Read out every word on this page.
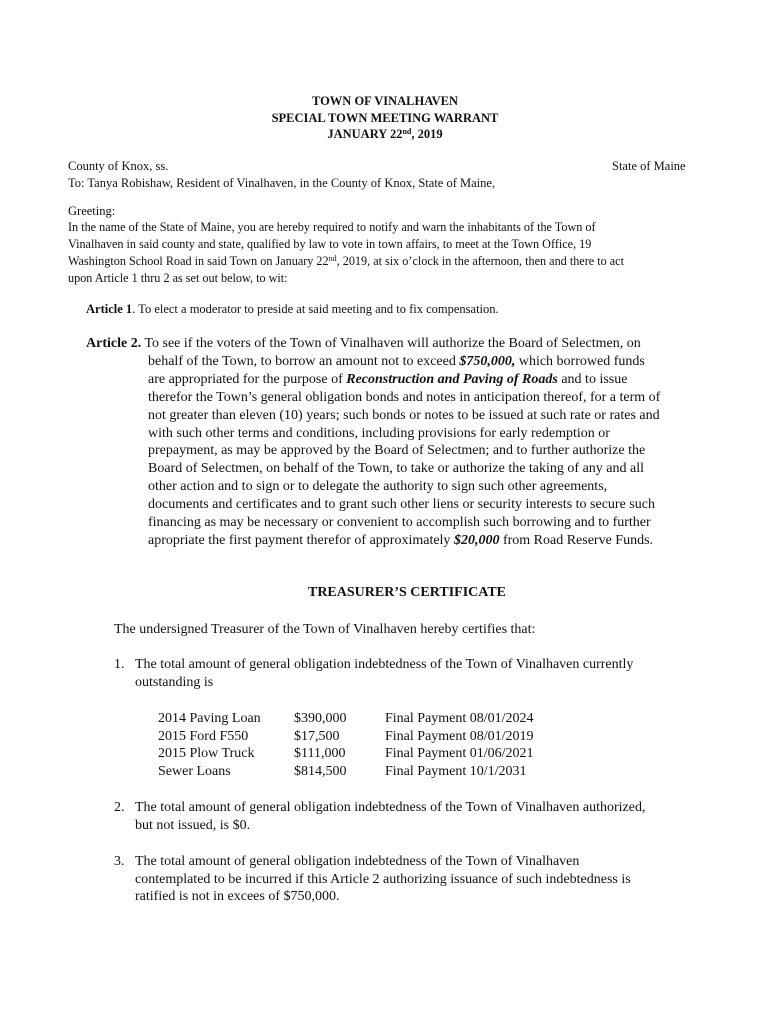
TOWN OF VINALHAVEN
SPECIAL TOWN MEETING WARRANT
JANUARY 22nd, 2019
County of Knox, ss.	State of Maine
To: Tanya Robishaw, Resident of Vinalhaven, in the County of Knox, State of Maine,
Greeting:
In the name of the State of Maine, you are hereby required to notify and warn the inhabitants of the Town of
Vinalhaven in said county and state, qualified by law to vote in town affairs, to meet at the Town Office, 19
Washington School Road in said Town on January 22nd, 2019, at six o’clock in the afternoon, then and there to act
upon Article 1 thru 2 as set out below, to wit:
Article 1. To elect a moderator to preside at said meeting and to fix compensation.
Article 2. To see if the voters of the Town of Vinalhaven will authorize the Board of Selectmen, on
behalf of the Town, to borrow an amount not to exceed $750,000, which borrowed funds
are appropriated for the purpose of Reconstruction and Paving of Roads and to issue
therefor the Town’s general obligation bonds and notes in anticipation thereof, for a term of
not greater than eleven (10) years; such bonds or notes to be issued at such rate or rates and
with such other terms and conditions, including provisions for early redemption or
prepayment, as may be approved by the Board of Selectmen; and to further authorize the
Board of Selectmen, on behalf of the Town, to take or authorize the taking of any and all
other action and to sign or to delegate the authority to sign such other agreements,
documents and certificates and to grant such other liens or security interests to secure such
financing as may be necessary or convenient to accomplish such borrowing and to further
apropriate the first payment therefor of approximately $20,000 from Road Reserve Funds.
TREASURER’S CERTIFICATE
The undersigned Treasurer of the Town of Vinalhaven hereby certifies that:
1. The total amount of general obligation indebtedness of the Town of Vinalhaven currently
outstanding is
2014 Paving Loan	$390,000	Final Payment 08/01/2024
2015 Ford F550	$17,500	Final Payment 08/01/2019
2015 Plow Truck	$111,000	Final Payment 01/06/2021
Sewer Loans	$814,500	Final Payment 10/1/2031
2. The total amount of general obligation indebtedness of the Town of Vinalhaven authorized,
but not issued, is $0.
3. The total amount of general obligation indebtedness of the Town of Vinalhaven
contemplated to be incurred if this Article 2 authorizing issuance of such indebtedness is
ratified is not in excees of $750,000.
